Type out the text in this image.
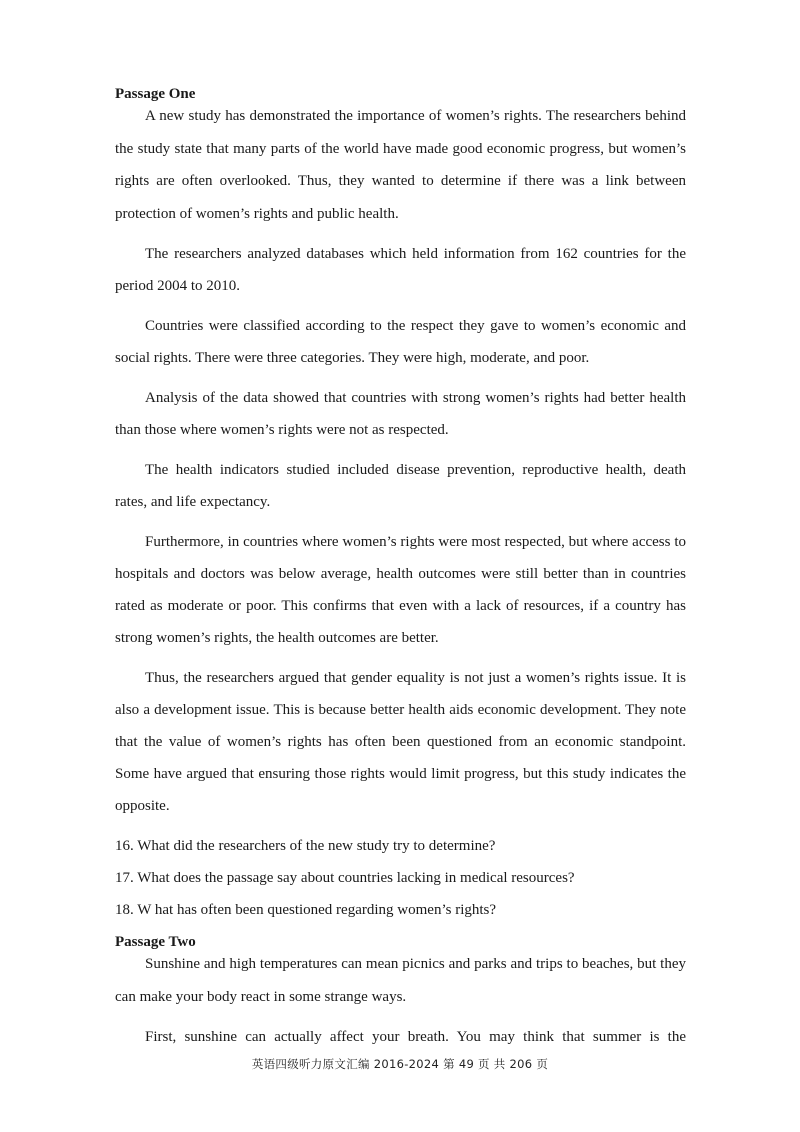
Passage One

A new study has demonstrated the importance of women’s rights. The researchers behind the study state that many parts of the world have made good economic progress, but women’s rights are often overlooked. Thus, they wanted to determine if there was a link between protection of women’s rights and public health.

The researchers analyzed databases which held information from 162 countries for the period 2004 to 2010.

Countries were classified according to the respect they gave to women’s economic and social rights. There were three categories. They were high, moderate, and poor.

Analysis of the data showed that countries with strong women’s rights had better health than those where women’s rights were not as respected.

The health indicators studied included disease prevention, reproductive health, death rates, and life expectancy.

Furthermore, in countries where women’s rights were most respected, but where access to hospitals and doctors was below average, health outcomes were still better than in countries rated as moderate or poor. This confirms that even with a lack of resources, if a country has strong women’s rights, the health outcomes are better.

Thus, the researchers argued that gender equality is not just a women’s rights issue. It is also a development issue. This is because better health aids economic development. They note that the value of women’s rights has often been questioned from an economic standpoint. Some have argued that ensuring those rights would limit progress, but this study indicates the opposite.

16. What did the researchers of the new study try to determine?

17. What does the passage say about countries lacking in medical resources?

18. W hat has often been questioned regarding women’s rights?

Passage Two

Sunshine and high temperatures can mean picnics and parks and trips to beaches, but they can make your body react in some strange ways.

First, sunshine can actually affect your breath. You may think that summer is the

英语四级听力原文汇编 2016-2024 第 49 页 共 206 页
